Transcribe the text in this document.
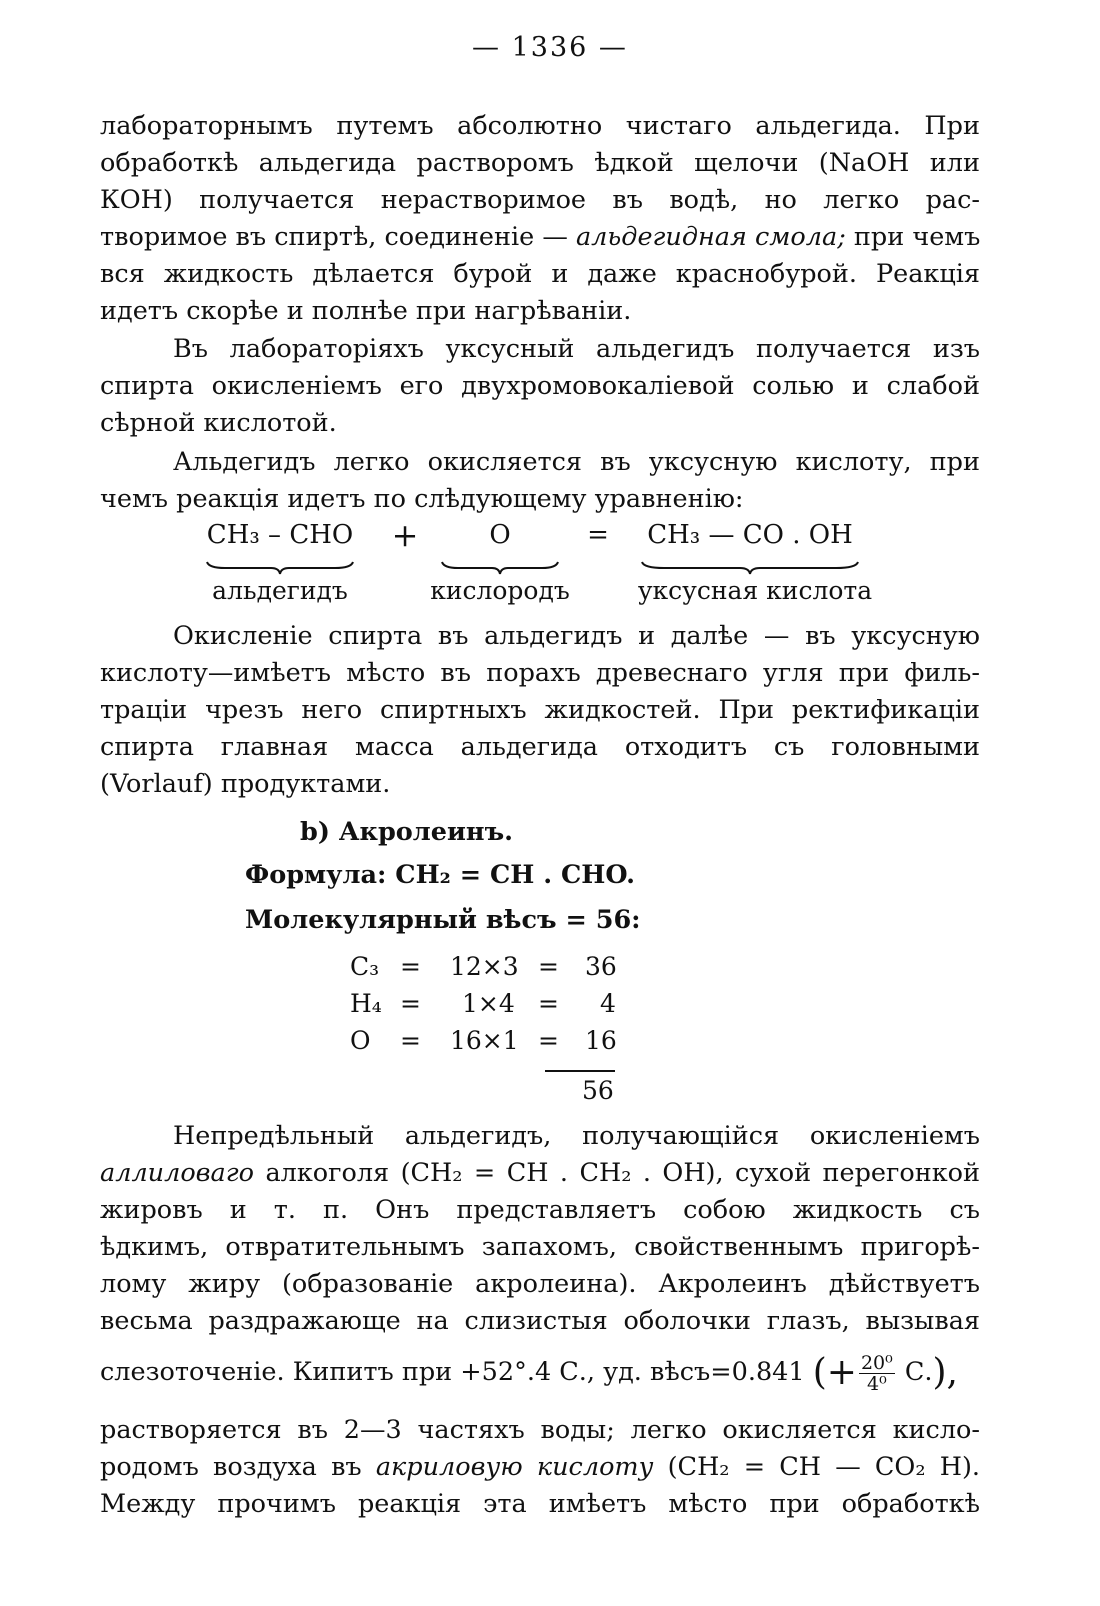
— 1336 —
лабораторнымъ путемъ абсолютно чистаго альдегида. При
обработкѣ альдегида растворомъ ѣдкой щелочи (NaOH или
КОН) получается нерастворимое въ водѣ, но легко рас-
творимое въ спиртѣ, соединеніе — альдегидная смола; при чемъ
вся жидкость дѣлается бурой и даже краснобурой. Реакція
идетъ скорѣе и полнѣе при нагрѣваніи.
Въ лабораторіяхъ уксусный альдегидъ получается изъ
спирта окисленіемъ его двухромовокаліевой солью и слабой
сѣрной кислотой.
Альдегидъ легко окисляется въ уксусную кислоту, при
чемъ реакція идетъ по слѣдующему уравненію:
CH₃ – CHO +	O	=	CH₃ — CO . OH
альдегидъ	кислородъ	уксусная кислота
Окисленіе спирта въ альдегидъ и далѣе — въ уксусную
кислоту—имѣетъ мѣсто въ порахъ древеснаго угля при филь-
траціи чрезъ него спиртныхъ жидкостей. При ректификаціи
спирта главная масса альдегида отходитъ съ головными
(Vorlauf) продуктами.
b) Акролеинъ.
Формула: CH₂ = CH . CHO.
Молекулярный вѣсъ = 56:
C₃ = 12×3 = 36
H₄ = 1×4 = 4
O = 16×1 = 16
56
Непредѣльный альдегидъ, получающійся окисленіемъ
аллиловаго алкоголя (CH₂ = CH . CH₂ . OH), сухой перегонкой
жировъ и т. п. Онъ представляетъ собою жидкость съ
ѣдкимъ, отвратительнымъ запахомъ, свойственнымъ пригорѣ-
лому жиру (образованіе акролеина). Акролеинъ дѣйствуетъ
весьма раздражающе на слизистыя оболочки глазъ, вызывая
слезоточеніе. Кипитъ при +52°.4 С., уд. вѣсъ=0.841 (+ $\frac{\text{20⁰}}{\text{4⁰}} С$.),
растворяется въ 2—3 частяхъ воды; легко окисляется кисло-
родомъ воздуха въ акриловую кислоту (CH₂ = CH — CO₂ H).
Между прочимъ реакція эта имѣетъ мѣсто при обработкѣ
